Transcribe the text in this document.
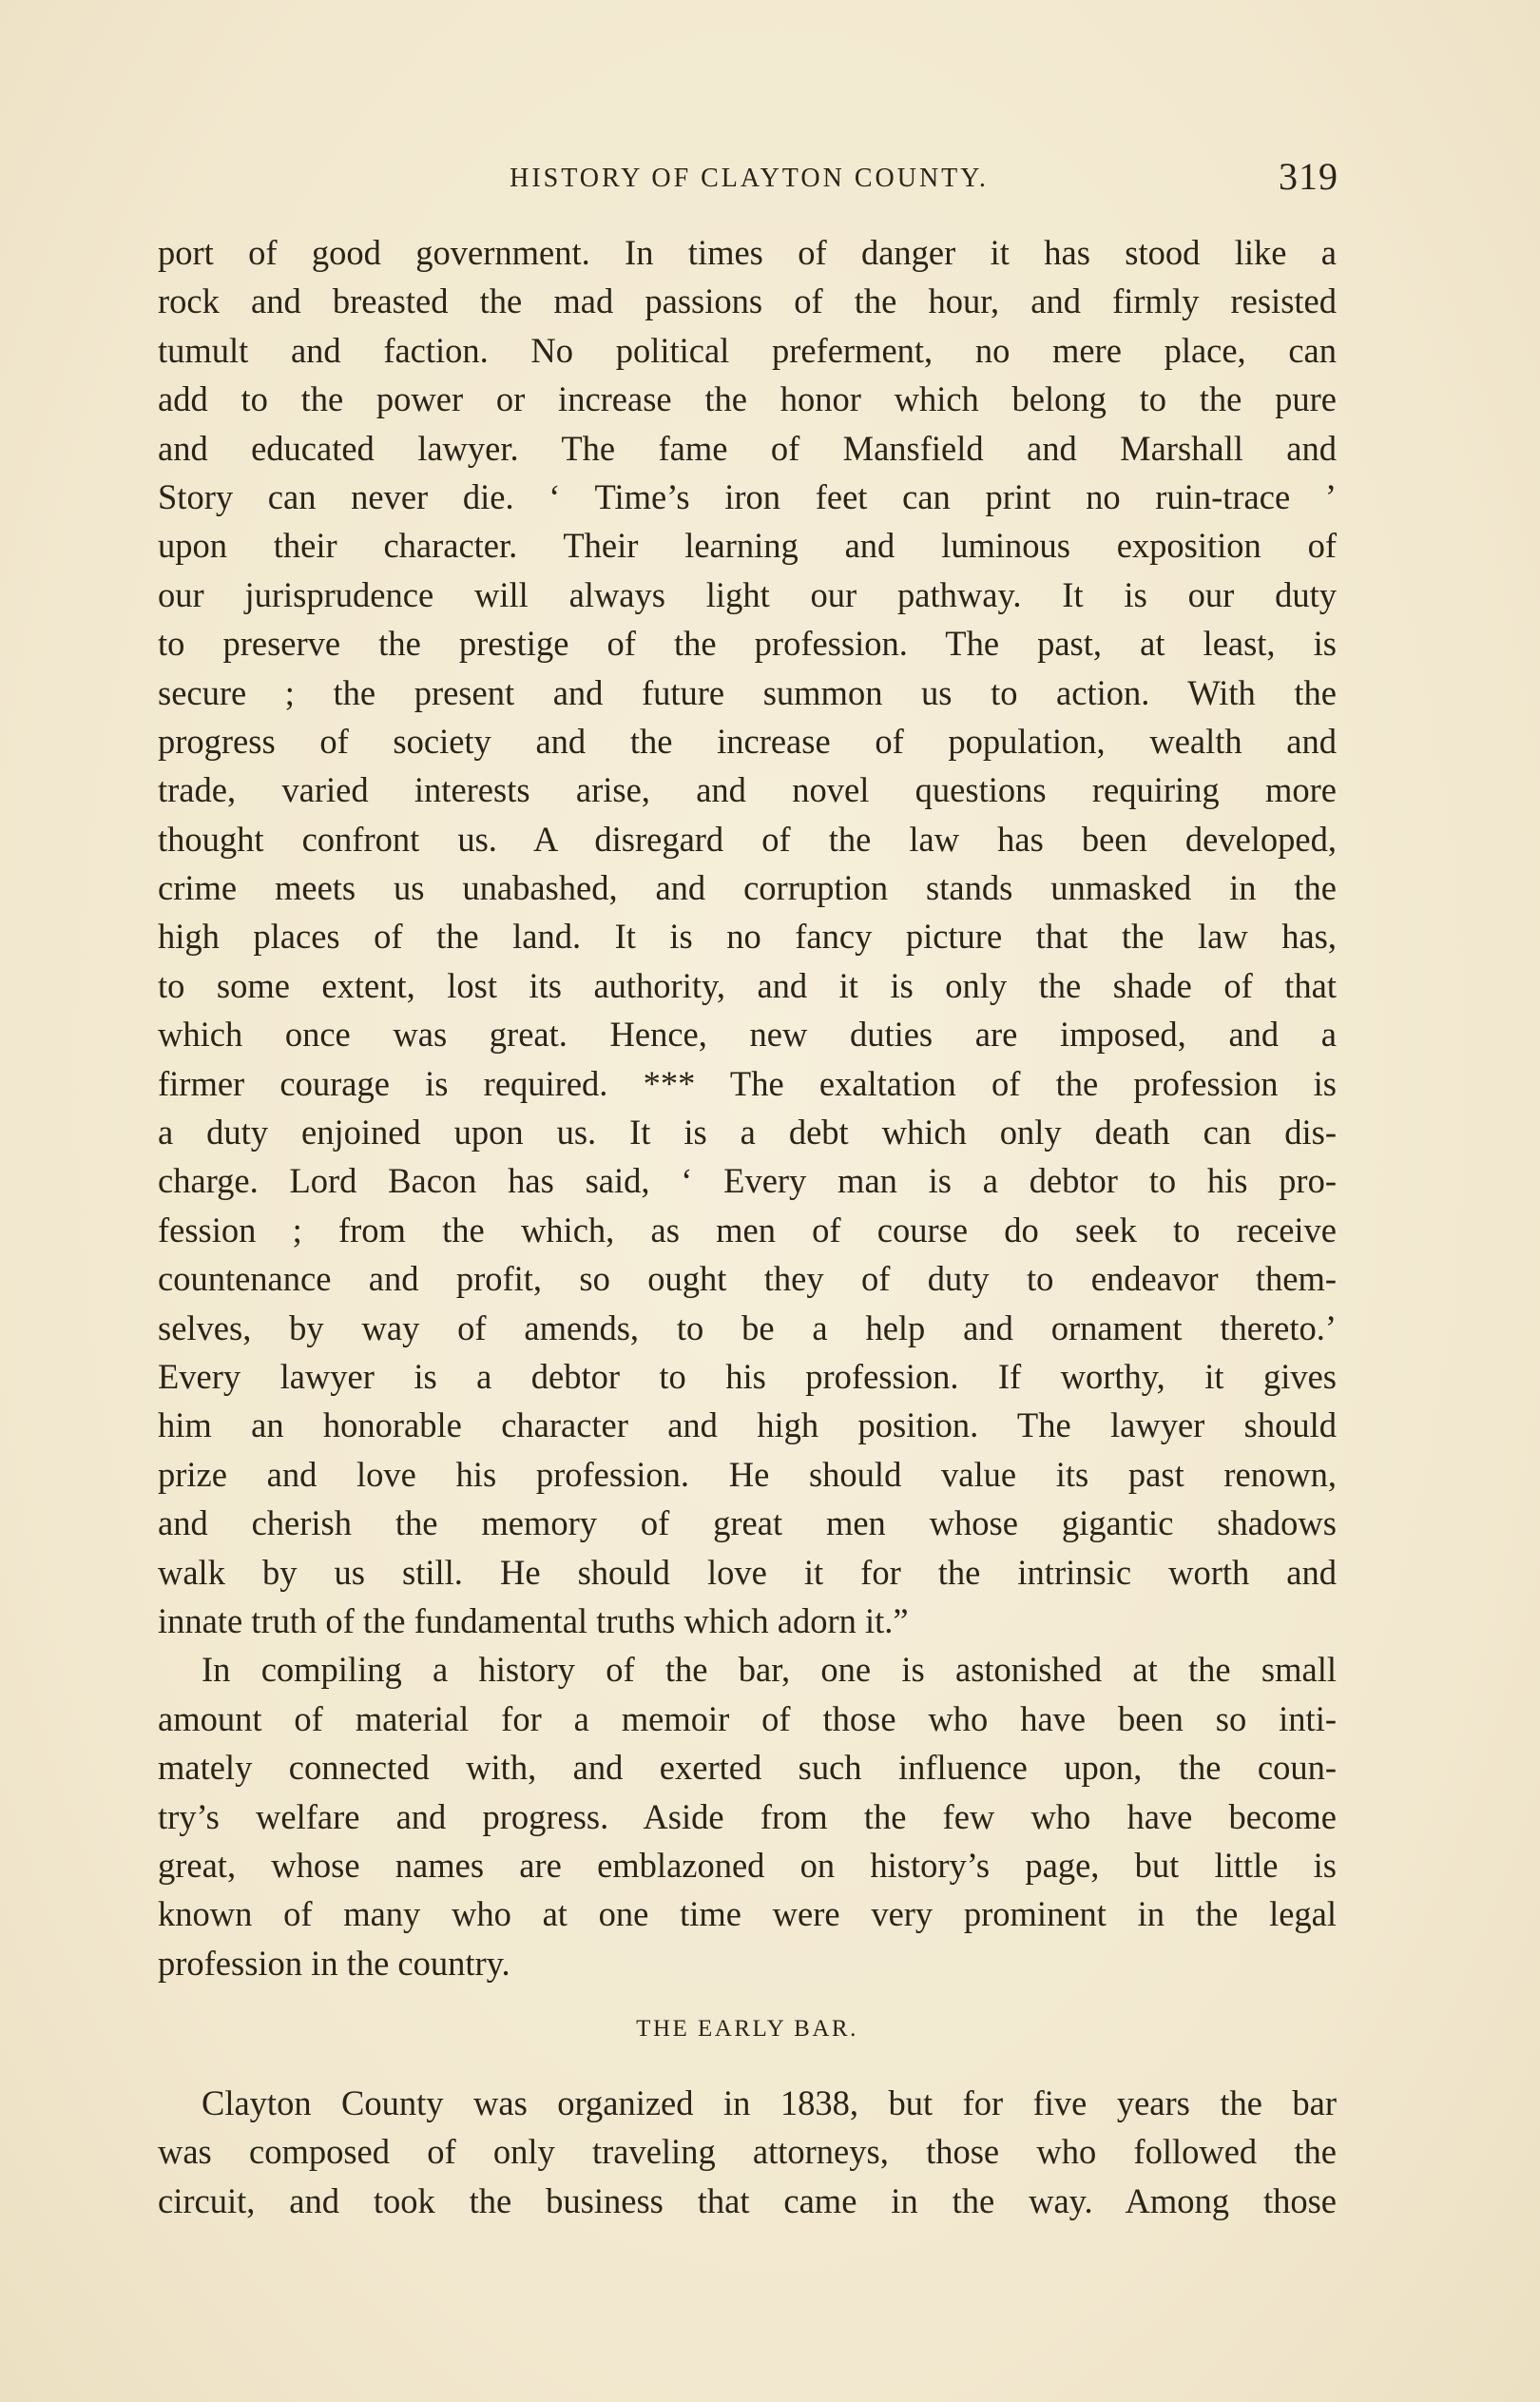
HISTORY OF CLAYTON COUNTY.	319
port of good government. In times of danger it has stood like a
rock and breasted the mad passions of the hour, and firmly resisted
tumult and faction. No political preferment, no mere place, can
add to the power or increase the honor which belong to the pure
and educated lawyer. The fame of Mansfield and Marshall and
Story can never die. ‘ Time’s iron feet can print no ruin-trace ’
upon their character. Their learning and luminous exposition of
our jurisprudence will always light our pathway. It is our duty
to preserve the prestige of the profession. The past, at least, is
secure ; the present and future summon us to action. With the
progress of society and the increase of population, wealth and
trade, varied interests arise, and novel questions requiring more
thought confront us. A disregard of the law has been developed,
crime meets us unabashed, and corruption stands unmasked in the
high places of the land. It is no fancy picture that the law has,
to some extent, lost its authority, and it is only the shade of that
which once was great. Hence, new duties are imposed, and a
firmer courage is required. *** The exaltation of the profession is
a duty enjoined upon us. It is a debt which only death can dis-
charge. Lord Bacon has said, ‘ Every man is a debtor to his pro-
fession ; from the which, as men of course do seek to receive
countenance and profit, so ought they of duty to endeavor them-
selves, by way of amends, to be a help and ornament thereto.’
Every lawyer is a debtor to his profession. If worthy, it gives
him an honorable character and high position. The lawyer should
prize and love his profession. He should value its past renown,
and cherish the memory of great men whose gigantic shadows
walk by us still. He should love it for the intrinsic worth and
innate truth of the fundamental truths which adorn it.”
In compiling a history of the bar, one is astonished at the small
amount of material for a memoir of those who have been so inti-
mately connected with, and exerted such influence upon, the coun-
try’s welfare and progress. Aside from the few who have become
great, whose names are emblazoned on history’s page, but little is
known of many who at one time were very prominent in the legal
profession in the country.
THE EARLY BAR.
Clayton County was organized in 1838, but for five years the bar
was composed of only traveling attorneys, those who followed the
circuit, and took the business that came in the way. Among those
